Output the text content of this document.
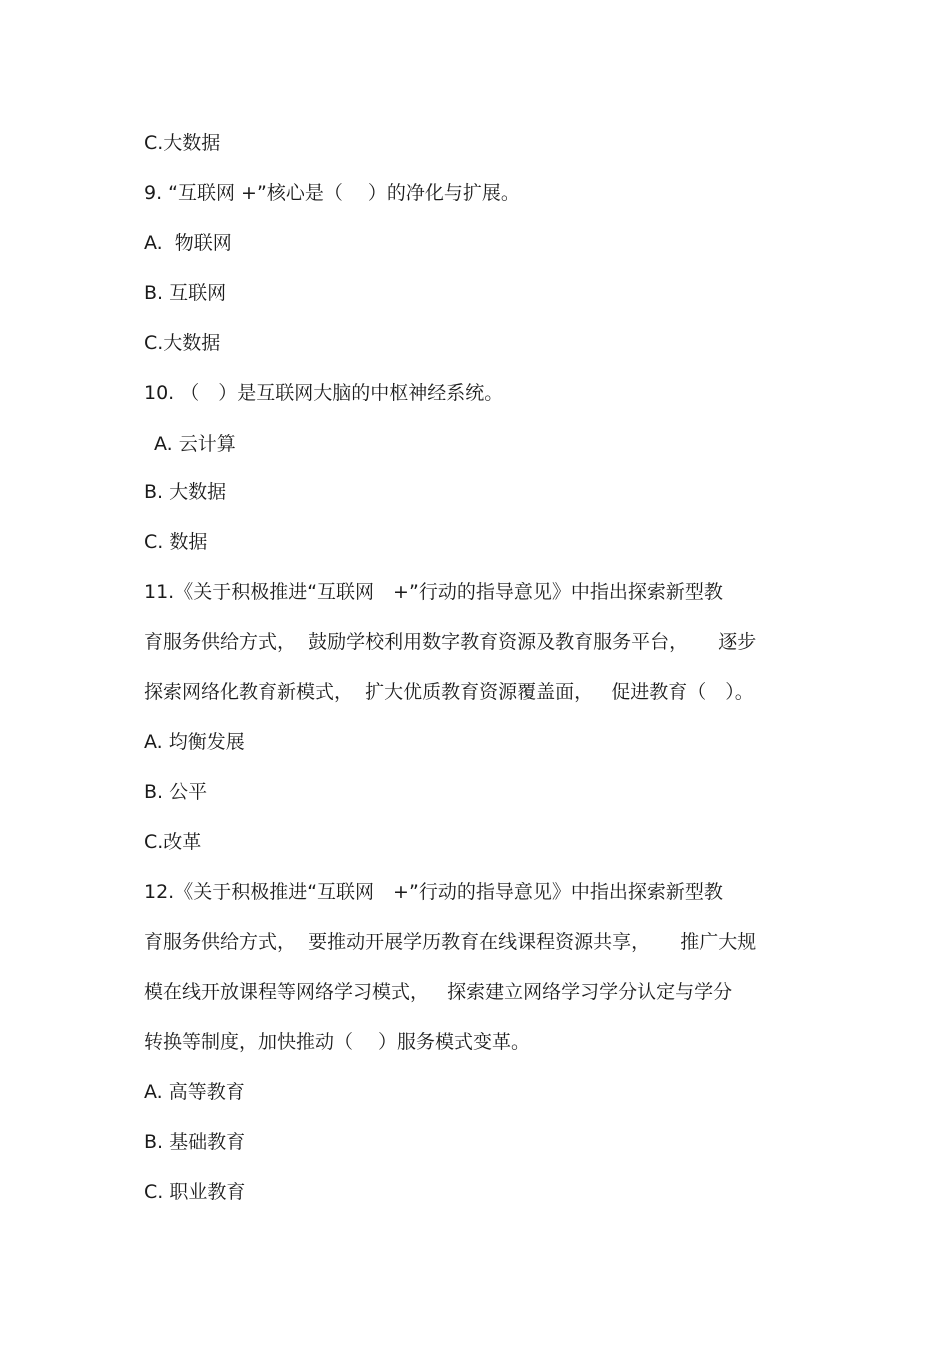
C.大数据
9. “互联网 +”核心是（　 ）的净化与扩展。
A.  物联网
B. 互联网
C.大数据
10. （　）是互联网大脑的中枢神经系统。
A. 云计算
B. 大数据
C. 数据
11.《关于积极推进“互联网　+”行动的指导意见》中指出探索新型教
育服务供给方式，  鼓励学校利用数字教育资源及教育服务平台，     逐步
探索网络化教育新模式，  扩大优质教育资源覆盖面，   促进教育（　）。
A. 均衡发展
B. 公平
C.改革
12.《关于积极推进“互联网　+”行动的指导意见》中指出探索新型教
育服务供给方式，  要推动开展学历教育在线课程资源共享，     推广大规
模在线开放课程等网络学习模式，   探索建立网络学习学分认定与学分
转换等制度，加快推动（　 ）服务模式变革。
A. 高等教育
B. 基础教育
C. 职业教育
